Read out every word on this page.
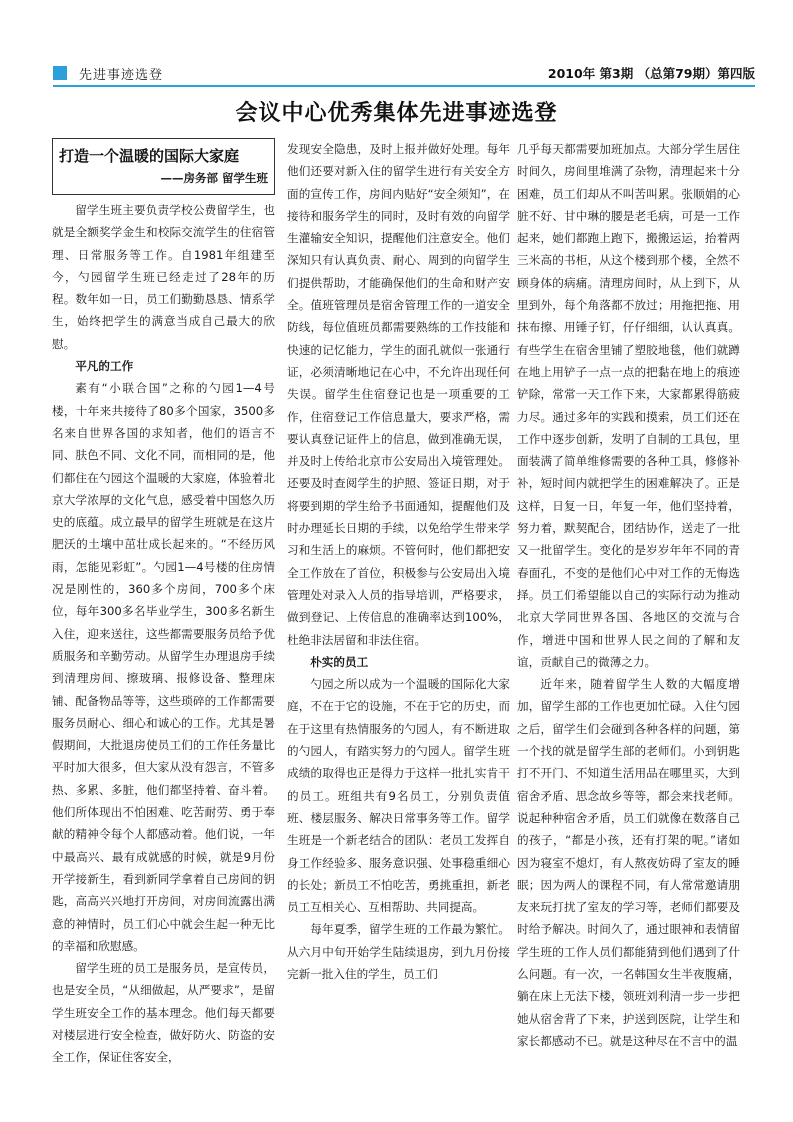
先进事迹选登	2010年 第3期 （总第79期）第四版
会议中心优秀集体先进事迹选登
打造一个温暖的国际大家庭
——房务部 留学生班

留学生班主要负责学校公费留学生，也就是全额奖学金生和校际交流学生的住宿管理、日常服务等工作。自1981年组建至今，勺园留学生班已经走过了28年的历程。数年如一日，员工们勤勤恳恳、情系学生，始终把学生的满意当成自己最大的欣慰。

平凡的工作

素有“小联合国”之称的勺园1—4号楼，十年来共接待了80多个国家，3500多名来自世界各国的求知者，他们的语言不同、肤色不同、文化不同，而相同的是，他们都住在勺园这个温暖的大家庭，体验着北京大学浓厚的文化气息，感受着中国悠久历史的底蕴。成立最早的留学生班就是在这片肥沃的土壤中茁壮成长起来的。“不经历风雨，怎能见彩虹”。勺园1—4号楼的住房情况是刚性的，360多个房间，700多个床位，每年300多名毕业学生，300多名新生入住，迎来送往，这些都需要服务员给予优质服务和辛勤劳动。从留学生办理退房手续到清理房间、擦玻璃、报修设备、整理床铺、配备物品等等，这些琐碎的工作都需要服务员耐心、细心和诚心的工作。尤其是暑假期间，大批退房使员工们的工作任务量比平时加大很多，但大家从没有怨言，不管多热、多累、多脏，他们都坚持着、奋斗着。他们所体现出不怕困难、吃苦耐劳、勇于奉献的精神令每个人都感动着。他们说，一年中最高兴、最有成就感的时候，就是9月份开学接新生，看到新同学拿着自己房间的钥匙，高高兴兴地打开房间，对房间流露出满意的神情时，员工们心中就会生起一种无比的幸福和欣慰感。

留学生班的员工是服务员，是宣传员，也是安全员，“从细做起，从严要求”，是留学生班安全工作的基本理念。他们每天都要对楼层进行安全检查，做好防火、防盗的安全工作，保证住客安全，

发现安全隐患，及时上报并做好处理。每年他们还要对新入住的留学生进行有关安全方面的宣传工作，房间内贴好“安全须知”，在接待和服务学生的同时，及时有效的向留学生灌输安全知识，提醒他们注意安全。他们深知只有认真负责、耐心、周到的向留学生们提供帮助，才能确保他们的生命和财产安全。值班管理员是宿舍管理工作的一道安全防线，每位值班员都需要熟练的工作技能和快速的记忆能力，学生的面孔就似一张通行证，必须清晰地记在心中，不允许出现任何失误。留学生住宿登记也是一项重要的工作，住宿登记工作信息量大，要求严格，需要认真登记证件上的信息，做到准确无误，并及时上传给北京市公安局出入境管理处。还要及时查阅学生的护照、签证日期，对于将要到期的学生给予书面通知，提醒他们及时办理延长日期的手续，以免给学生带来学习和生活上的麻烦。不管何时，他们都把安全工作放在了首位，积极参与公安局出入境管理处对录入人员的指导培训，严格要求，做到登记、上传信息的准确率达到100%，杜绝非法居留和非法住宿。

朴实的员工

勺园之所以成为一个温暖的国际化大家庭，不在于它的设施，不在于它的历史，而在于这里有热情服务的勺园人，有不断进取的勺园人，有踏实努力的勺园人。留学生班成绩的取得也正是得力于这样一批扎实肯干的员工。班组共有9名员工，分别负责值班、楼层服务、解决日常事务等工作。留学生班是一个新老结合的团队：老员工发挥自身工作经验多、服务意识强、处事稳重细心的长处；新员工不怕吃苦，勇挑重担，新老员工互相关心、互相帮助、共同提高。

每年夏季，留学生班的工作最为繁忙。从六月中旬开始学生陆续退房，到九月份接完新一批入住的学生，员工们

几乎每天都需要加班加点。大部分学生居住时间久，房间里堆满了杂物，清理起来十分困难，员工们却从不叫苦叫累。张顺娟的心脏不好、甘中琳的腰是老毛病，可是一工作起来，她们都跑上跑下，搬搬运运，抬着两三米高的书柜，从这个楼到那个楼，全然不顾身体的病痛。清理房间时，从上到下，从里到外，每个角落都不放过；用拖把拖、用抹布擦、用锤子钉，仔仔细细，认认真真。有些学生在宿舍里铺了塑胶地毯，他们就蹲在地上用铲子一点一点的把黏在地上的痕迹铲除，常常一天工作下来，大家都累得筋疲力尽。通过多年的实践和摸索，员工们还在工作中逐步创新，发明了自制的工具包，里面装满了简单维修需要的各种工具，修修补补，短时间内就把学生的困难解决了。正是这样，日复一日，年复一年，他们坚持着，努力着，默契配合，团结协作，送走了一批又一批留学生。变化的是岁岁年年不同的青春面孔，不变的是他们心中对工作的无悔选择。员工们希望能以自己的实际行动为推动北京大学同世界各国、各地区的交流与合作，增进中国和世界人民之间的了解和友谊，贡献自己的微薄之力。

近年来，随着留学生人数的大幅度增加，留学生部的工作也更加忙碌。入住勺园之后，留学生们会碰到各种各样的问题，第一个找的就是留学生部的老师们。小到钥匙打不开门、不知道生活用品在哪里买，大到宿舍矛盾、思念故乡等等，都会来找老师。说起种种宿舍矛盾，员工们就像在数落自己的孩子，“都是小孩，还有打架的呢。”诸如因为寝室不熄灯，有人熬夜妨碍了室友的睡眠；因为两人的课程不同，有人常常邀请朋友来玩打扰了室友的学习等，老师们都要及时给予解决。时间久了，通过眼神和表情留学生班的工作人员们都能猜到他们遇到了什么问题。有一次，一名韩国女生半夜腹痛，躺在床上无法下楼，领班刘利清一步一步把她从宿舍背了下来，护送到医院，让学生和家长都感动不已。就是这种尽在不言中的温
